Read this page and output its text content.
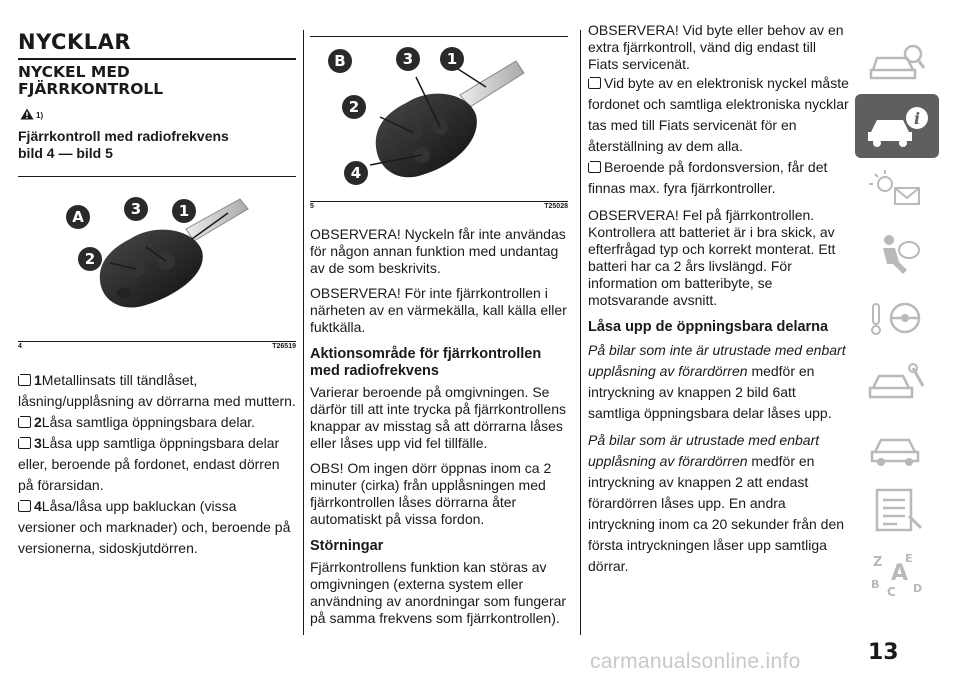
NYCKLAR
NYCKEL MED FJÄRRKONTROLL
1)
Fjärrkontroll med radiofrekvens bild 4 — bild 5
A	3	1
2
4	T26519
1Metallinsats till tändlåset, låsning/upplåsning av dörrarna med muttern.
2Låsa samtliga öppningsbara delar.
3Låsa upp samtliga öppningsbara delar eller, beroende på fordonet, endast dörren på förarsidan.
4Låsa/låsa upp bakluckan (vissa versioner och marknader) och, beroende på versionerna, sidoskjutdörren.
B	3 1
2
4
5	T25028
OBSERVERA! Nyckeln får inte användas för någon annan funktion med undantag av de som beskrivits.
OBSERVERA! För inte fjärrkontrollen i närheten av en värmekälla, kall källa eller fuktkälla.
Aktionsområde för fjärrkontrollen med radiofrekvens
Varierar beroende på omgivningen. Se därför till att inte trycka på fjärrkontrollens knappar av misstag så att dörrarna låses eller låses upp vid fel tillfälle.
OBS! Om ingen dörr öppnas inom ca 2 minuter (cirka) från upplåsningen med fjärrkontrollen låses dörrarna åter automatiskt på vissa fordon.
Störningar
Fjärrkontrollens funktion kan störas av omgivningen (externa system eller användning av anordningar som fungerar på samma frekvens som fjärrkontrollen).
OBSERVERA! Vid byte eller behov av en extra fjärrkontroll, vänd dig endast till Fiats servicenät.
Vid byte av en elektronisk nyckel måste fordonet och samtliga elektroniska nycklar tas med till Fiats servicenät för en återställning av dem alla.
Beroende på fordonsversion, får det finnas max. fyra fjärrkontroller.
OBSERVERA! Fel på fjärrkontrollen. Kontrollera att batteriet är i bra skick, av efterfrågad typ och korrekt monterat. Ett batteri har ca 2 års livslängd. För information om batteribyte, se motsvarande avsnitt.
Låsa upp de öppningsbara delarna
På bilar som inte är utrustade med enbart upplåsning av förardörren medför en intryckning av knappen 2 bild 6att samtliga öppningsbara delar låses upp.
På bilar som är utrustade med enbart upplåsning av förardörren medför en intryckning av knappen 2 att endast förardörren låses upp. En andra intryckning inom ca 20 sekunder från den första intryckningen låser upp samtliga dörrar.
i
Z E
B
C D
A
13
carmanualsonline.info
